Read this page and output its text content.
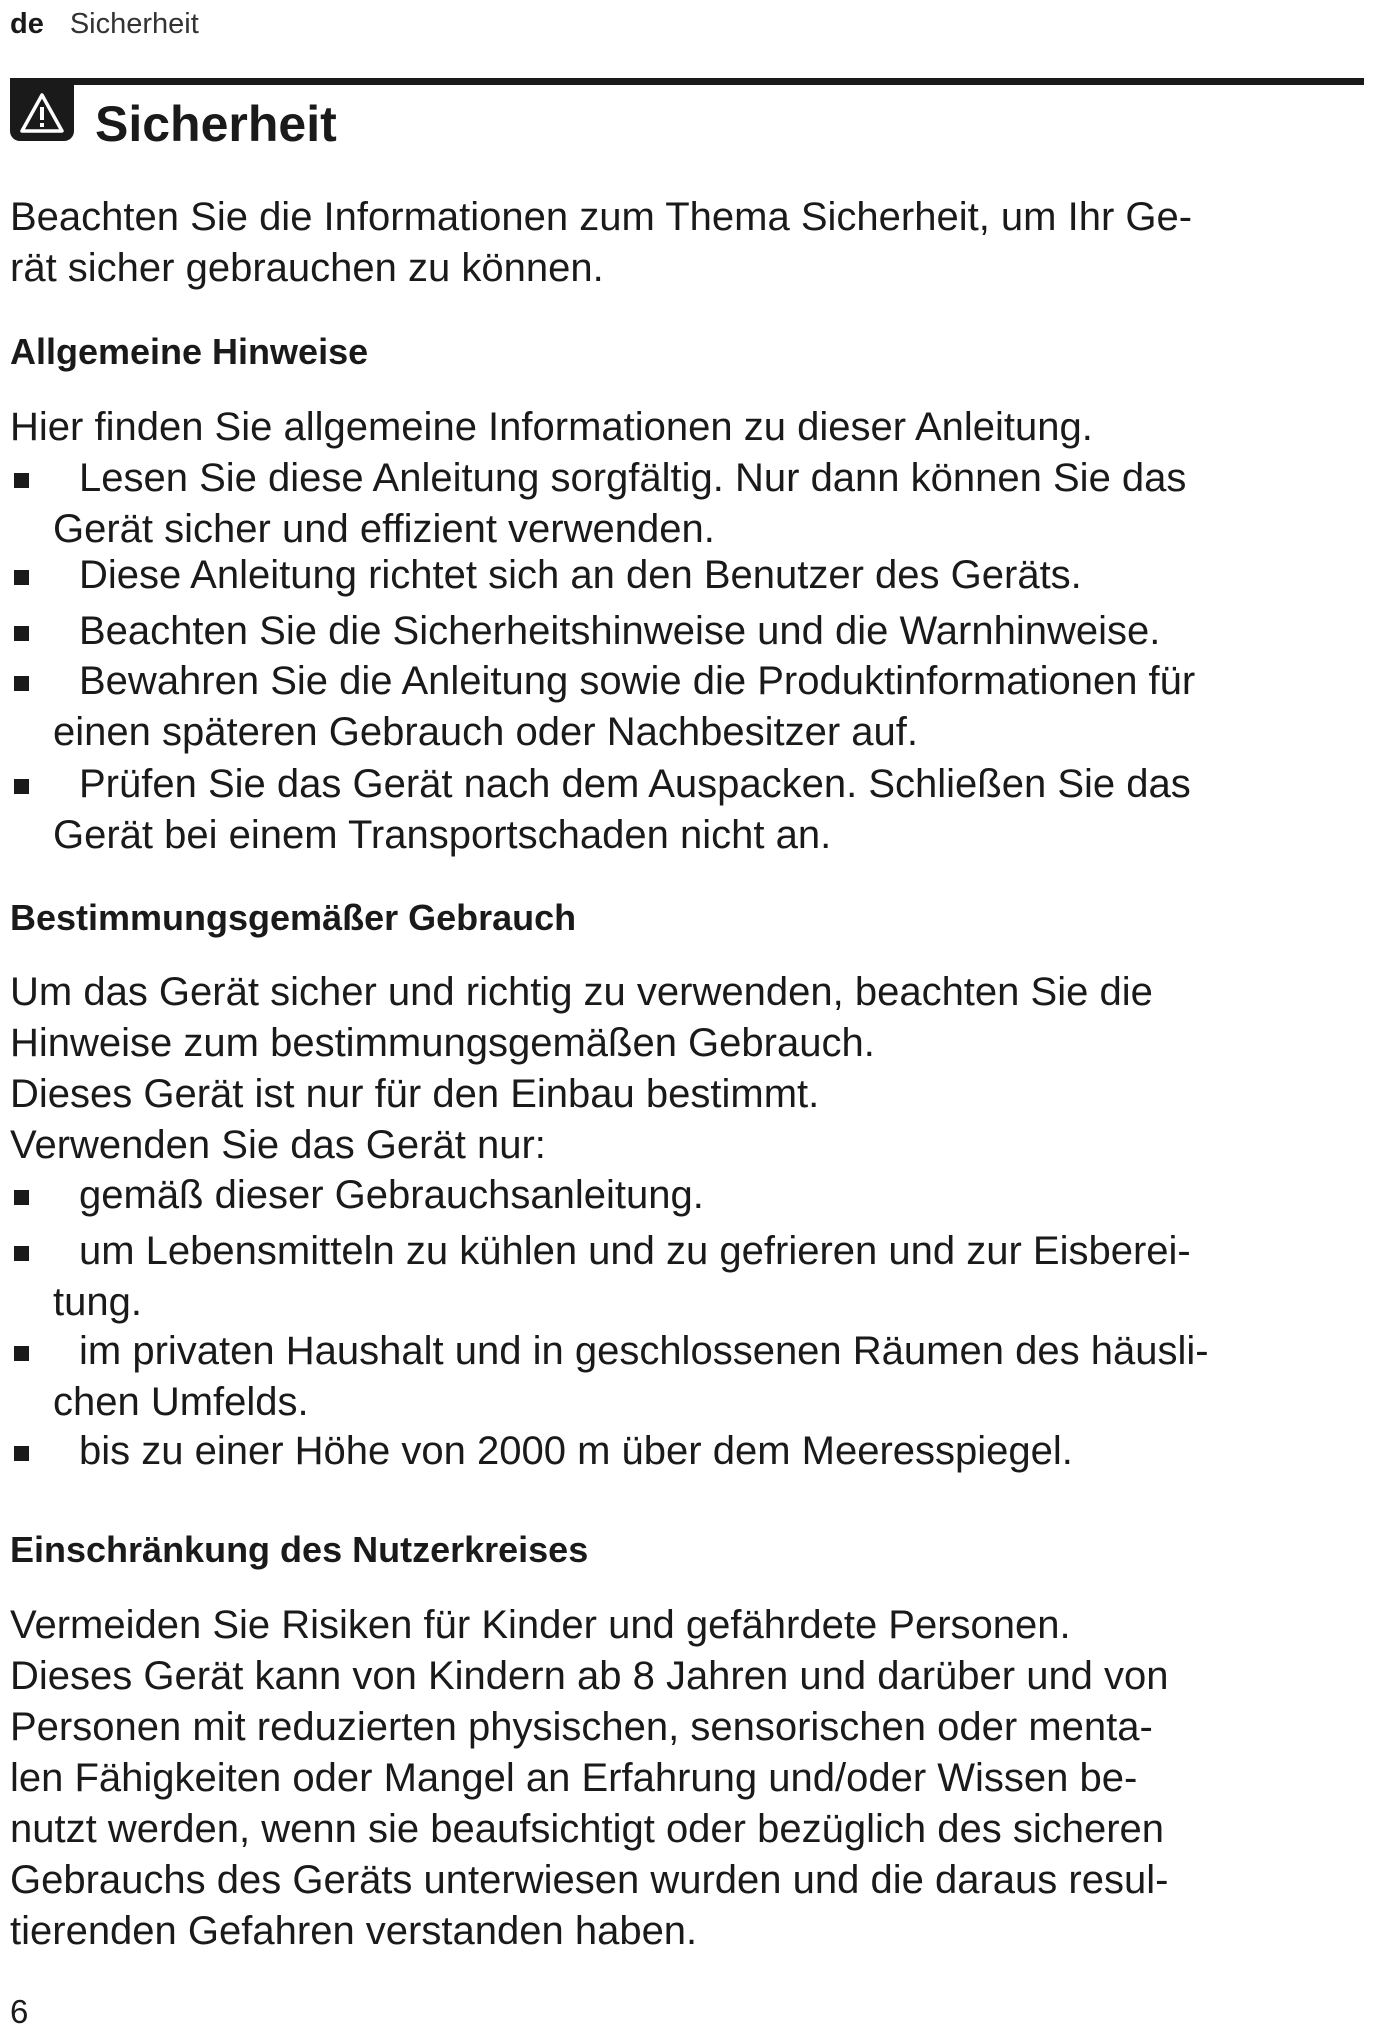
de Sicherheit
Sicherheit

Beachten Sie die Informationen zum Thema Sicherheit, um Ihr Ge-
rät sicher gebrauchen zu können.

Allgemeine Hinweise

Hier finden Sie allgemeine Informationen zu dieser Anleitung.

Lesen Sie diese Anleitung sorgfältig. Nur dann können Sie das
Gerät sicher und effizient verwenden.
Diese Anleitung richtet sich an den Benutzer des Geräts.
Beachten Sie die Sicherheitshinweise und die Warnhinweise.
Bewahren Sie die Anleitung sowie die Produktinformationen für
einen späteren Gebrauch oder Nachbesitzer auf.
Prüfen Sie das Gerät nach dem Auspacken. Schließen Sie das
Gerät bei einem Transportschaden nicht an.
Bestimmungsgemäßer Gebrauch

Um das Gerät sicher und richtig zu verwenden, beachten Sie die
Hinweise zum bestimmungsgemäßen Gebrauch.
Dieses Gerät ist nur für den Einbau bestimmt.
Verwenden Sie das Gerät nur:

gemäß dieser Gebrauchsanleitung.
um Lebensmitteln zu kühlen und zu gefrieren und zur Eisberei-
tung.
im privaten Haushalt und in geschlossenen Räumen des häusli-
chen Umfelds.
bis zu einer Höhe von 2000 m über dem Meeresspiegel.
Einschränkung des Nutzerkreises

Vermeiden Sie Risiken für Kinder und gefährdete Personen.
Dieses Gerät kann von Kindern ab 8 Jahren und darüber und von
Personen mit reduzierten physischen, sensorischen oder menta-
len Fähigkeiten oder Mangel an Erfahrung und/oder Wissen be-
nutzt werden, wenn sie beaufsichtigt oder bezüglich des sicheren
Gebrauchs des Geräts unterwiesen wurden und die daraus resul-
tierenden Gefahren verstanden haben.

6
